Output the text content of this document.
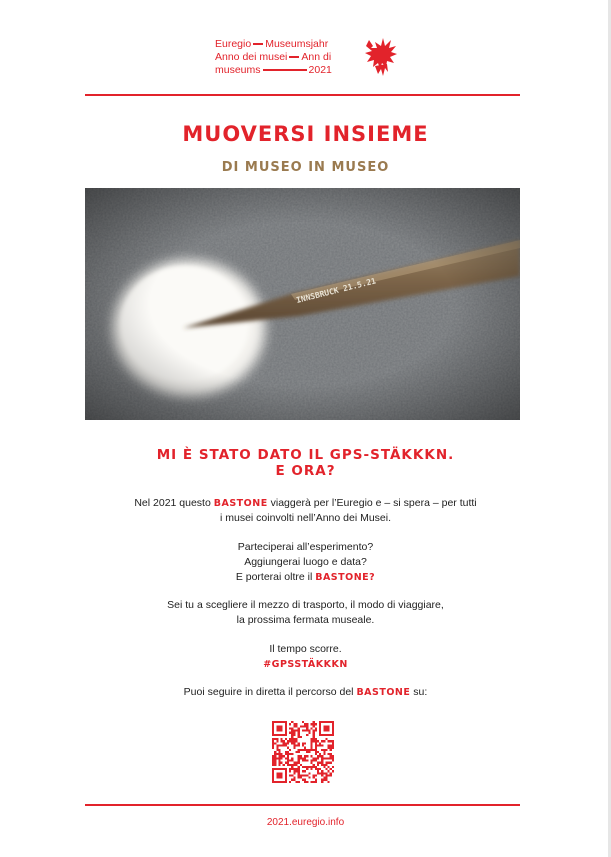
Euregio Museumsjahr
Anno dei musei Ann di
museums	2021
MUOVERSI INSIEME
DI MUSEO IN MUSEO
MI È STATO DATO IL GPS-STÄKKKN.
E ORA?
Nel 2021 questo BASTONE viaggerà per l’Euregio e – si spera – per tutti
i musei coinvolti nell’Anno dei Musei.
Parteciperai all’esperimento?
Aggiungerai luogo e data?
E porterai oltre il BASTONE?
Sei tu a scegliere il mezzo di trasporto, il modo di viaggiare,
la prossima fermata museale.
Il tempo scorre.
#GPSSTÄKKKN
Puoi seguire in diretta il percorso del BASTONE su:
2021.euregio.info
